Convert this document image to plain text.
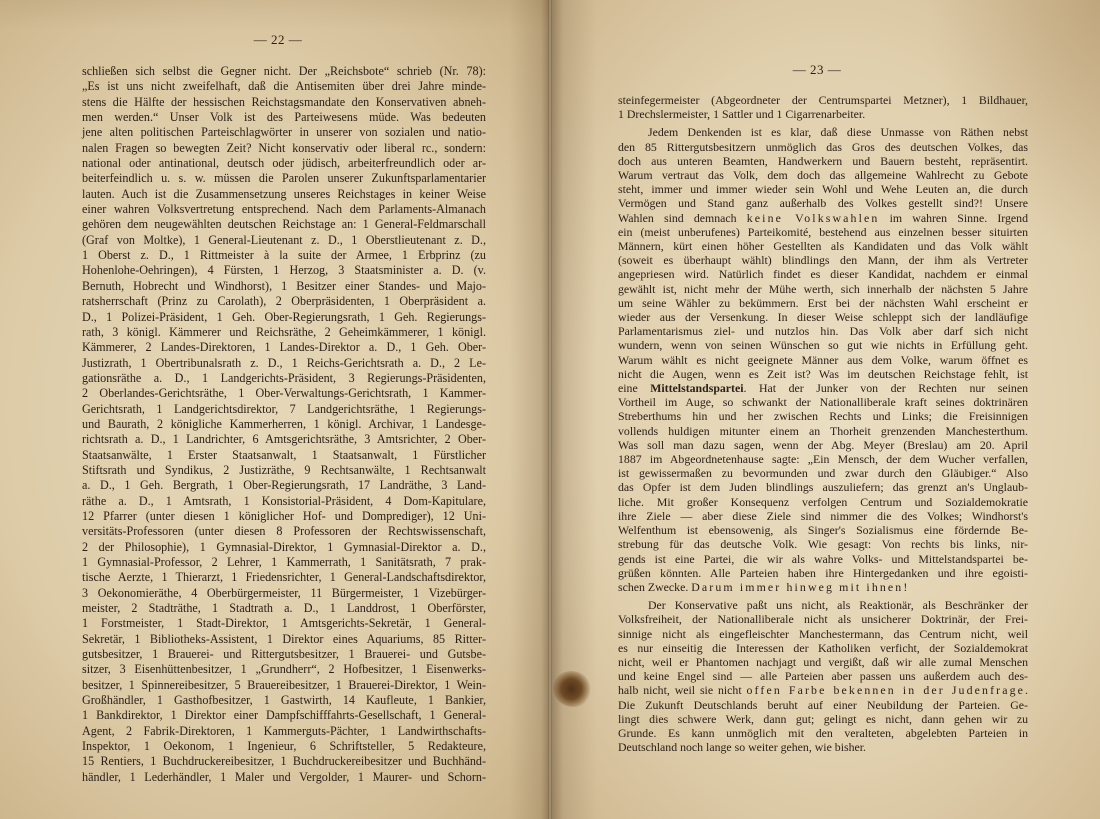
— 22 —
schließen sich selbst die Gegner nicht. Der „Reichsbote“ schrieb (Nr. 78):
„Es ist uns nicht zweifelhaft, daß die Antisemiten über drei Jahre minde-
stens die Hälfte der hessischen Reichstagsmandate den Konservativen abneh-
men werden.“ Unser Volk ist des Parteiwesens müde. Was bedeuten
jene alten politischen Parteischlagwörter in unserer von sozialen und natio-
nalen Fragen so bewegten Zeit? Nicht konservativ oder liberal rc., sondern:
national oder antinational, deutsch oder jüdisch, arbeiterfreundlich oder ar-
beiterfeindlich u. s. w. müssen die Parolen unserer Zukunftsparlamentarier
lauten. Auch ist die Zusammensetzung unseres Reichstages in keiner Weise
einer wahren Volksvertretung entsprechend. Nach dem Parlaments-Almanach
gehören dem neugewählten deutschen Reichstage an: 1 General-Feldmarschall
(Graf von Moltke), 1 General-Lieutenant z. D., 1 Oberstlieutenant z. D.,
1 Oberst z. D., 1 Rittmeister à la suite der Armee, 1 Erbprinz (zu
Hohenlohe-Oehringen), 4 Fürsten, 1 Herzog, 3 Staatsminister a. D. (v.
Bernuth, Hobrecht und Windhorst), 1 Besitzer einer Standes- und Majo-
ratsherrschaft (Prinz zu Carolath), 2 Oberpräsidenten, 1 Oberpräsident a.
D., 1 Polizei-Präsident, 1 Geh. Ober-Regierungsrath, 1 Geh. Regierungs-
rath, 3 königl. Kämmerer und Reichsräthe, 2 Geheimkämmerer, 1 königl.
Kämmerer, 2 Landes-Direktoren, 1 Landes-Direktor a. D., 1 Geh. Ober-
Justizrath, 1 Obertribunalsrath z. D., 1 Reichs-Gerichtsrath a. D., 2 Le-
gationsräthe a. D., 1 Landgerichts-Präsident, 3 Regierungs-Präsidenten,
2 Oberlandes-Gerichtsräthe, 1 Ober-Verwaltungs-Gerichtsrath, 1 Kammer-
Gerichtsrath, 1 Landgerichtsdirektor, 7 Landgerichtsräthe, 1 Regierungs-
und Baurath, 2 königliche Kammerherren, 1 königl. Archivar, 1 Landesge-
richtsrath a. D., 1 Landrichter, 6 Amtsgerichtsräthe, 3 Amtsrichter, 2 Ober-
Staatsanwälte, 1 Erster Staatsanwalt, 1 Staatsanwalt, 1 Fürstlicher
Stiftsrath und Syndikus, 2 Justizräthe, 9 Rechtsanwälte, 1 Rechtsanwalt
a. D., 1 Geh. Bergrath, 1 Ober-Regierungsrath, 17 Landräthe, 3 Land-
räthe a. D., 1 Amtsrath, 1 Konsistorial-Präsident, 4 Dom-Kapitulare,
12 Pfarrer (unter diesen 1 königlicher Hof- und Domprediger), 12 Uni-
versitäts-Professoren (unter diesen 8 Professoren der Rechtswissenschaft,
2 der Philosophie), 1 Gymnasial-Direktor, 1 Gymnasial-Direktor a. D.,
1 Gymnasial-Professor, 2 Lehrer, 1 Kammerrath, 1 Sanitätsrath, 7 prak-
tische Aerzte, 1 Thierarzt, 1 Friedensrichter, 1 General-Landschaftsdirektor,
3 Oekonomieräthe, 4 Oberbürgermeister, 11 Bürgermeister, 1 Vizebürger-
meister, 2 Stadträthe, 1 Stadtrath a. D., 1 Landdrost, 1 Oberförster,
1 Forstmeister, 1 Stadt-Direktor, 1 Amtsgerichts-Sekretär, 1 General-
Sekretär, 1 Bibliotheks-Assistent, 1 Direktor eines Aquariums, 85 Ritter-
gutsbesitzer, 1 Brauerei- und Rittergutsbesitzer, 1 Brauerei- und Gutsbe-
sitzer, 3 Eisenhüttenbesitzer, 1 „Grundherr“, 2 Hofbesitzer, 1 Eisenwerks-
besitzer, 1 Spinnereibesitzer, 5 Brauereibesitzer, 1 Brauerei-Direktor, 1 Wein-
Großhändler, 1 Gasthofbesitzer, 1 Gastwirth, 14 Kaufleute, 1 Bankier,
1 Bankdirektor, 1 Direktor einer Dampfschifffahrts-Gesellschaft, 1 General-
Agent, 2 Fabrik-Direktoren, 1 Kammerguts-Pächter, 1 Landwirthschafts-
Inspektor, 1 Oekonom, 1 Ingenieur, 6 Schriftsteller, 5 Redakteure,
15 Rentiers, 1 Buchdruckereibesitzer, 1 Buchdruckereibesitzer und Buchhänd-
händler, 1 Lederhändler, 1 Maler und Vergolder, 1 Maurer- und Schorn-
— 23 —
steinfegermeister (Abgeordneter der Centrumspartei Metzner), 1 Bildhauer,
1 Drechslermeister, 1 Sattler und 1 Cigarrenarbeiter.
Jedem Denkenden ist es klar, daß diese Unmasse von Räthen nebst
den 85 Rittergutsbesitzern unmöglich das Gros des deutschen Volkes, das
doch aus unteren Beamten, Handwerkern und Bauern besteht, repräsentirt.
Warum vertraut das Volk, dem doch das allgemeine Wahlrecht zu Gebote
steht, immer und immer wieder sein Wohl und Wehe Leuten an, die durch
Vermögen und Stand ganz außerhalb des Volkes gestellt sind?! Unsere
Wahlen sind demnach keine Volkswahlen im wahren Sinne. Irgend
ein (meist unberufenes) Parteikomité, bestehend aus einzelnen besser situirten
Männern, kürt einen höher Gestellten als Kandidaten und das Volk wählt
(soweit es überhaupt wählt) blindlings den Mann, der ihm als Vertreter
angepriesen wird. Natürlich findet es dieser Kandidat, nachdem er einmal
gewählt ist, nicht mehr der Mühe werth, sich innerhalb der nächsten 5 Jahre
um seine Wähler zu bekümmern. Erst bei der nächsten Wahl erscheint er
wieder aus der Versenkung. In dieser Weise schleppt sich der landläufige
Parlamentarismus ziel- und nutzlos hin. Das Volk aber darf sich nicht
wundern, wenn von seinen Wünschen so gut wie nichts in Erfüllung geht.
Warum wählt es nicht geeignete Männer aus dem Volke, warum öffnet es
nicht die Augen, wenn es Zeit ist? Was im deutschen Reichstage fehlt, ist
eine Mittelstandspartei. Hat der Junker von der Rechten nur seinen
Vortheil im Auge, so schwankt der Nationalliberale kraft seines doktrinären
Streberthums hin und her zwischen Rechts und Links; die Freisinnigen
vollends huldigen mitunter einem an Thorheit grenzenden Manchesterthum.
Was soll man dazu sagen, wenn der Abg. Meyer (Breslau) am 20. April
1887 im Abgeordnetenhause sagte: „Ein Mensch, der dem Wucher verfallen,
ist gewissermaßen zu bevormunden und zwar durch den Gläubiger.“ Also
das Opfer ist dem Juden blindlings auszuliefern; das grenzt an's Unglaub-
liche. Mit großer Konsequenz verfolgen Centrum und Sozialdemokratie
ihre Ziele — aber diese Ziele sind nimmer die des Volkes; Windhorst's
Welfenthum ist ebensowenig, als Singer's Sozialismus eine fördernde Be-
strebung für das deutsche Volk. Wie gesagt: Von rechts bis links, nir-
gends ist eine Partei, die wir als wahre Volks- und Mittelstandspartei be-
grüßen könnten. Alle Parteien haben ihre Hintergedanken und ihre egoisti-
schen Zwecke. Darum immer hinweg mit ihnen!
Der Konservative paßt uns nicht, als Reaktionär, als Beschränker der
Volksfreiheit, der Nationalliberale nicht als unsicherer Doktrinär, der Frei-
sinnige nicht als eingefleischter Manchestermann, das Centrum nicht, weil
es nur einseitig die Interessen der Katholiken verficht, der Sozialdemokrat
nicht, weil er Phantomen nachjagt und vergißt, daß wir alle zumal Menschen
und keine Engel sind — alle Parteien aber passen uns außerdem auch des-
halb nicht, weil sie nicht offen Farbe bekennen in der Judenfrage.
Die Zukunft Deutschlands beruht auf einer Neubildung der Parteien. Ge-
lingt dies schwere Werk, dann gut; gelingt es nicht, dann gehen wir zu
Grunde. Es kann unmöglich mit den veralteten, abgelebten Parteien in
Deutschland noch lange so weiter gehen, wie bisher.
